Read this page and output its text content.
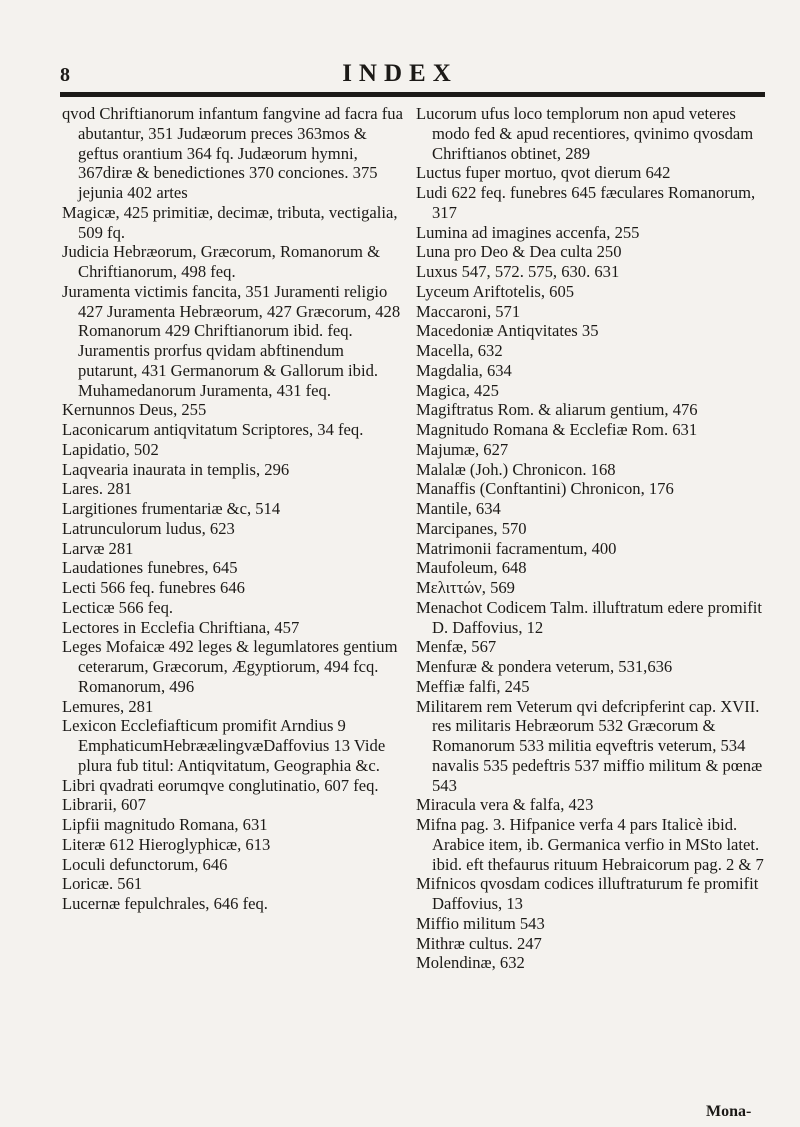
8	INDEX

qvod Chriftianorum infantum fangvine ad facra fua abutantur, 351 Judæorum preces 363mos & geftus orantium 364 fq. Judæorum hymni, 367diræ & benedictiones 370 conciones. 375 jejunia 402 artes

Magicæ, 425 primitiæ, decimæ, tributa, vectigalia, 509 fq.

Judicia Hebræorum, Græcorum, Romanorum & Chriftianorum, 498 feq.

Juramenta victimis fancita, 351 Juramenti religio 427 Juramenta Hebræorum, 427 Græcorum, 428 Romanorum 429 Chriftianorum ibid. feq. Juramentis prorfus qvidam abftinendum putarunt, 431 Germanorum & Gallorum ibid. Muhamedanorum Juramenta, 431 feq.

Kernunnos Deus, 255

Laconicarum antiqvitatum Scriptores, 34 feq.

Lapidatio, 502

Laqvearia inaurata in templis, 296

Lares. 281

Largitiones frumentariæ &c, 514

Latrunculorum ludus, 623

Larvæ 281

Laudationes funebres, 645

Lecti 566 feq. funebres 646

Lecticæ 566 feq.

Lectores in Ecclefia Chriftiana, 457

Leges Mofaicæ 492 leges & legumlatores gentium ceterarum, Græcorum, Ægyptiorum, 494 fcq. Romanorum, 496

Lemures, 281

Lexicon Ecclefiafticum promifit Arndius 9 EmphaticumHebræælingvæDaffovius 13 Vide plura fub titul: Antiqvitatum, Geographia &c.

Libri qvadrati eorumqve conglutinatio, 607 feq.

Librarii, 607

Lipfii magnitudo Romana, 631

Literæ 612 Hieroglyphicæ, 613

Loculi defunctorum, 646

Loricæ. 561

Lucernæ fepulchrales, 646 feq.

Lucorum ufus loco templorum non apud veteres modo fed & apud recentiores, qvinimo qvosdam Chriftianos obtinet, 289

Luctus fuper mortuo, qvot dierum 642

Ludi 622 feq. funebres 645 fæculares Romanorum, 317

Lumina ad imagines accenfa, 255

Luna pro Deo & Dea culta 250

Luxus 547, 572. 575, 630. 631

Lyceum Ariftotelis, 605

Maccaroni, 571

Macedoniæ Antiqvitates 35

Macella, 632

Magdalia, 634

Magica, 425

Magiftratus Rom. & aliarum gentium, 476

Magnitudo Romana & Ecclefiæ Rom. 631

Majumæ, 627

Malalæ (Joh.) Chronicon. 168

Manaffis (Conftantini) Chronicon, 176

Mantile, 634

Marcipanes, 570

Matrimonii facramentum, 400

Maufoleum, 648

Μελιττών, 569

Menachot Codicem Talm. illuftratum edere promifit D. Daffovius, 12

Menfæ, 567

Menfuræ & pondera veterum, 531,636

Meffiæ falfi, 245

Militarem rem Veterum qvi defcripferint cap. XVII. res militaris Hebræorum 532 Græcorum & Romanorum 533 militia eqveftris veterum, 534 navalis 535 pedeftris 537 miffio militum & pœnæ 543

Miracula vera & falfa, 423

Mifna pag. 3. Hifpanice verfa 4 pars Italicè ibid. Arabice item, ib. Germanica verfio in MSto latet. ibid. eft thefaurus rituum Hebraicorum pag. 2 & 7

Mifnicos qvosdam codices illuftraturum fe promifit Daffovius, 13

Miffio militum 543

Mithræ cultus. 247

Molendinæ, 632

Mona-
